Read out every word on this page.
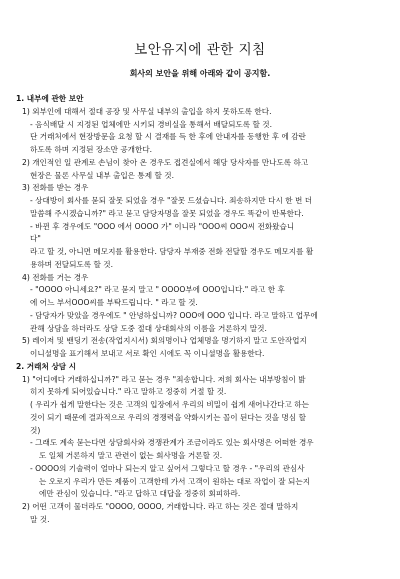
보안유지에 관한 지침
회사의 보안을 위해 아래와 같이 공지함.
1. 내부에 관한 보안
1) 외부인에 대해서 절대 공장 및 사무실 내부의 출입을 하지 못하도록 한다.
- 음식배달 시 지정된 업체에만 시키되 경비실을 통해서 배달되도록 할 것.
단 거래처에서 현장방문을 요청 할 시 결재를 득 한 후에 안내자를 동행한 후 에 감란
하도록 하며 지정된 장소만 공개한다.
2) 개인적인 일 관계로 손님이 찾아 온 경우도 접견실에서 해당 당사자를 만나도록 하고
현장은 물론 사무실 내부 출입은 통제 할 것.
3) 전화를 받는 경우
- 상대방이 회사를 묻되 잘못 되었을 경우 "잘못 드셨습니다. 죄송하지만 다시 한 번 더
말씀해 주시겠습니까?" 라고 묻고 담당자명을 잘못 되었을 경우도 똑같이 반복한다.
- 바뀐 후 경우에도 "OOO 에서 OOOO 가" 이니라 "OOO씨 OOO씨 전화왔습니
다"
라고 할 것, 아니면 메모지를 활용한다. 담당자 부재중 전화 전달할 경우도 메모지를 활
용하며 전달되도록 할 것.
4) 전화를 거는 경우
- "OOOO 아니세요?" 라고 묻지 말고 " OOOO부에 OOO입니다." 라고 한 후
에 어느 부서OOO씨를 부탁드립니다. " 라고 할 것.
- 담당자가 맞았을 경우에도 " 안녕하십니까? OOO에 OOO 입니다. 라고 말하고 업무에
관해 상담을 하더라도 상담 도중 절대 상대회사의 이름을 거론하지 말것.
5) 레이저 및 밴딩기 전송(작업지시서) 회의명이나 업체명을 명기하지 말고 도안작업지
이니셜명을 표기해서 보내고 서로 확인 시에도 꼭 이니셜명을 활용한다.
2. 거래처 상담 시
1) "어디에다 거래하십니까?" 라고 묻는 경우 "죄송합니다. 저희 회사는 내부방침이 밝
히지 못하게 되어있습니다." 라고 말하고 정중히 거절 할 것.
( 우리가 쉽게 말한다는 것은 고객의 입장에서 우리의 비밀이 쉽게 새어나간다고 하는
것이 되기 때문에 결과적으로 우리의 경쟁력을 약화시키는 꼴이 된다는 것을 명심 할
것)
- 그래도 계속 묻는다면 상담회사와 경쟁관계가 조금이라도 있는 회사명은 어떠한 경우
도 일체 거론하지 말고 관련이 없는 회사명을 거론할 것.
- OOOO의 기술력이 얼마나 되는지 알고 싶어서 그렇다고 할 경우 - "우리의 관심사
는 오로지 우리가 만든 제품이 고객한테 가서 고객이 원하는 대로 작업이 잘 되는지
에만 관심이 있습니다. "라고 답하고 대답을 정중히 회피하라.
2) 어떤 고객이 물더라도 "OOOO, OOOO, 거래합니다. 라고 하는 것은 절대 말하지
말 것.
